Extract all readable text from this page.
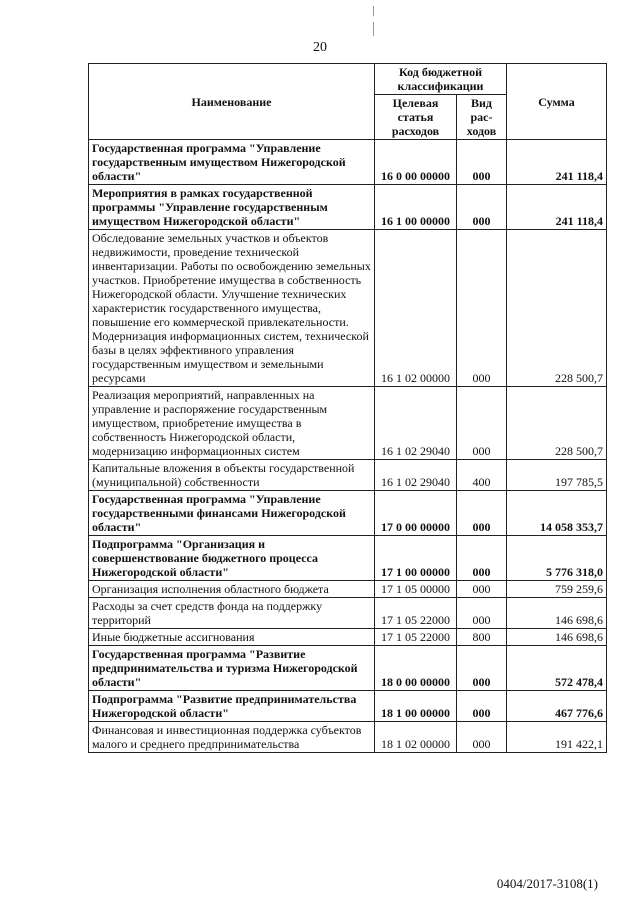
20
Наименование	Код бюджетной классификации		Сумма
	Целевая статья расходов	Вид рас-ходов	
Государственная программа "Управление государственным имуществом Нижегородской области"	16 0 00 00000	000	241 118,4
Мероприятия в рамках государственной программы "Управление государственным имуществом Нижегородской области"	16 1 00 00000	000	241 118,4
Обследование земельных участков и объектов недвижимости, проведение технической инвентаризации. Работы по освобождению земельных участков. Приобретение имущества в собственность Нижегородской области. Улучшение технических характеристик государственного имущества, повышение его коммерческой привлекательности. Модернизация информационных систем, технической базы в целях эффективного управления государственным имуществом и земельными ресурсами	16 1 02 00000	000	228 500,7
Реализация мероприятий, направленных на управление и распоряжение государственным имуществом, приобретение имущества в собственность Нижегородской области, модернизацию информационных систем	16 1 02 29040	000	228 500,7
Капитальные вложения в объекты государственной (муниципальной) собственности	16 1 02 29040	400	197 785,5
Государственная программа "Управление государственными финансами Нижегородской области"	17 0 00 00000	000	14 058 353,7
Подпрограмма "Организация и совершенствование бюджетного процесса Нижегородской области"	17 1 00 00000	000	5 776 318,0
Организация исполнения областного бюджета	17 1 05 00000	000	759 259,6
Расходы за счет средств фонда на поддержку территорий	17 1 05 22000	000	146 698,6
Иные бюджетные ассигнования	17 1 05 22000	800	146 698,6
Государственная программа "Развитие предпринимательства и туризма Нижегородской области"	18 0 00 00000	000	572 478,4
Подпрограмма "Развитие предпринимательства Нижегородской области"	18 1 00 00000	000	467 776,6
Финансовая и инвестиционная поддержка субъектов малого и среднего предпринимательства	18 1 02 00000	000	191 422,1
0404/2017-3108(1)
